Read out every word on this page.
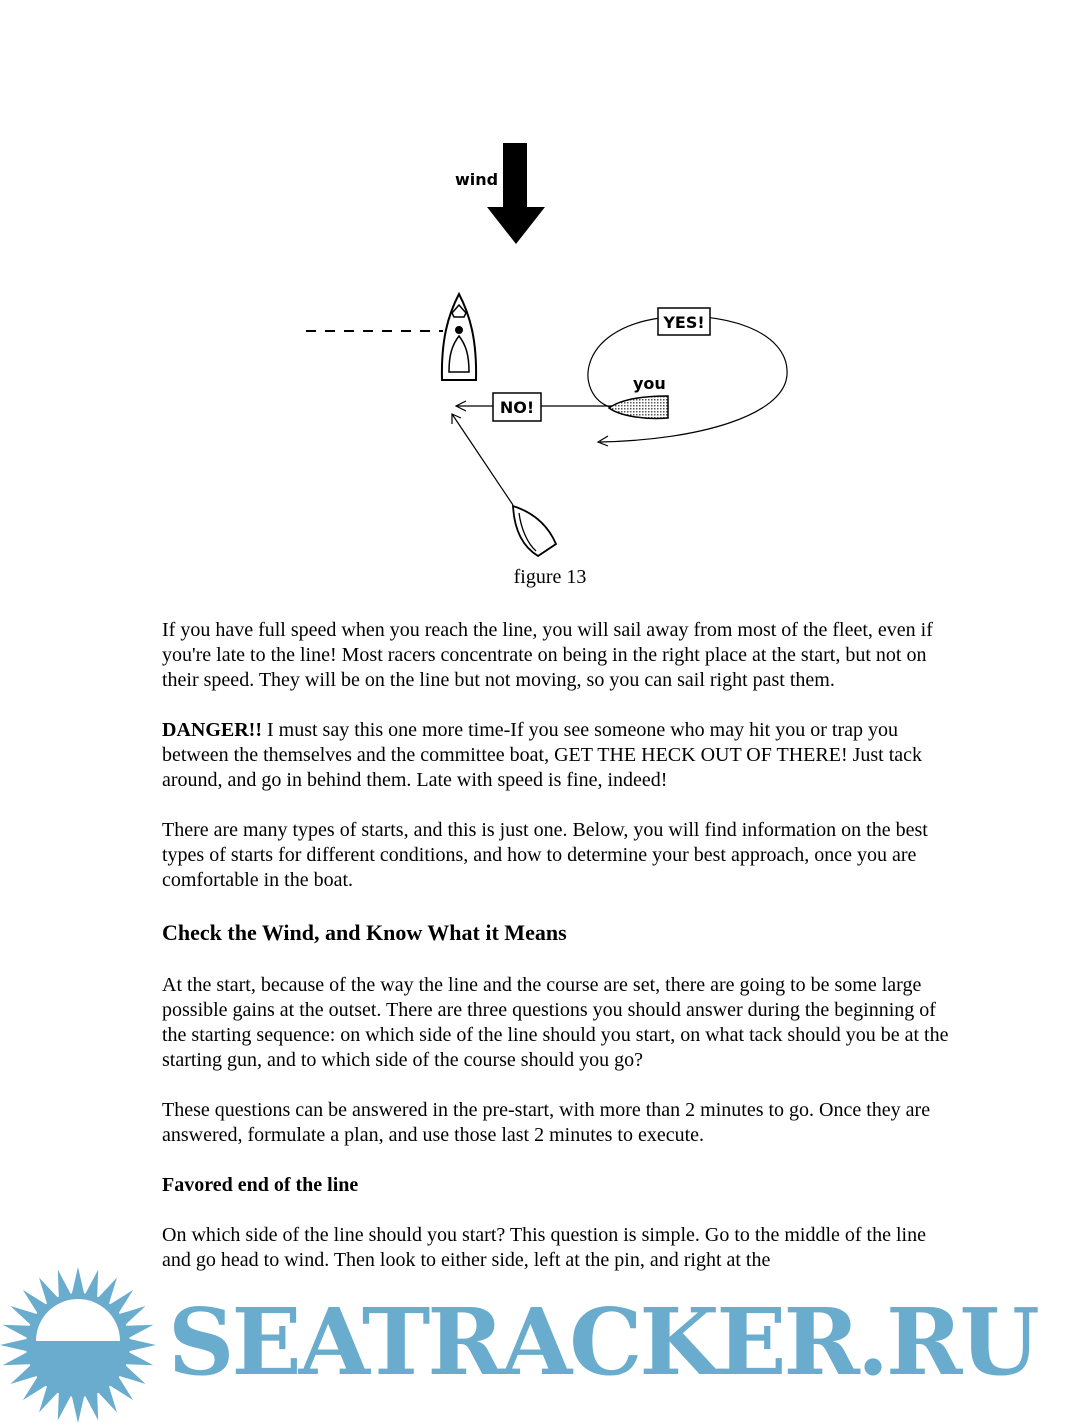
wind
YES!
NO!
you
figure 13

If you have full speed when you reach the line, you will sail away from most of the fleet, even if you're late to the line! Most racers concentrate on being in the right place at the start, but not on their speed. They will be on the line but not moving, so you can sail right past them.

DANGER!! I must say this one more time-If you see someone who may hit you or trap you between the themselves and the committee boat, GET THE HECK OUT OF THERE! Just tack around, and go in behind them. Late with speed is fine, indeed!

There are many types of starts, and this is just one. Below, you will find information on the best types of starts for different conditions, and how to determine your best approach, once you are comfortable in the boat.

Check the Wind, and Know What it Means

At the start, because of the way the line and the course are set, there are going to be some large possible gains at the outset. There are three questions you should answer during the beginning of the starting sequence: on which side of the line should you start, on what tack should you be at the starting gun, and to which side of the course should you go?

These questions can be answered in the pre-start, with more than 2 minutes to go. Once they are answered, formulate a plan, and use those last 2 minutes to execute.

Favored end of the line

On which side of the line should you start? This question is simple. Go to the middle of the line and go head to wind. Then look to either side, left at the pin, and right at the

SEATRACKER.RU
